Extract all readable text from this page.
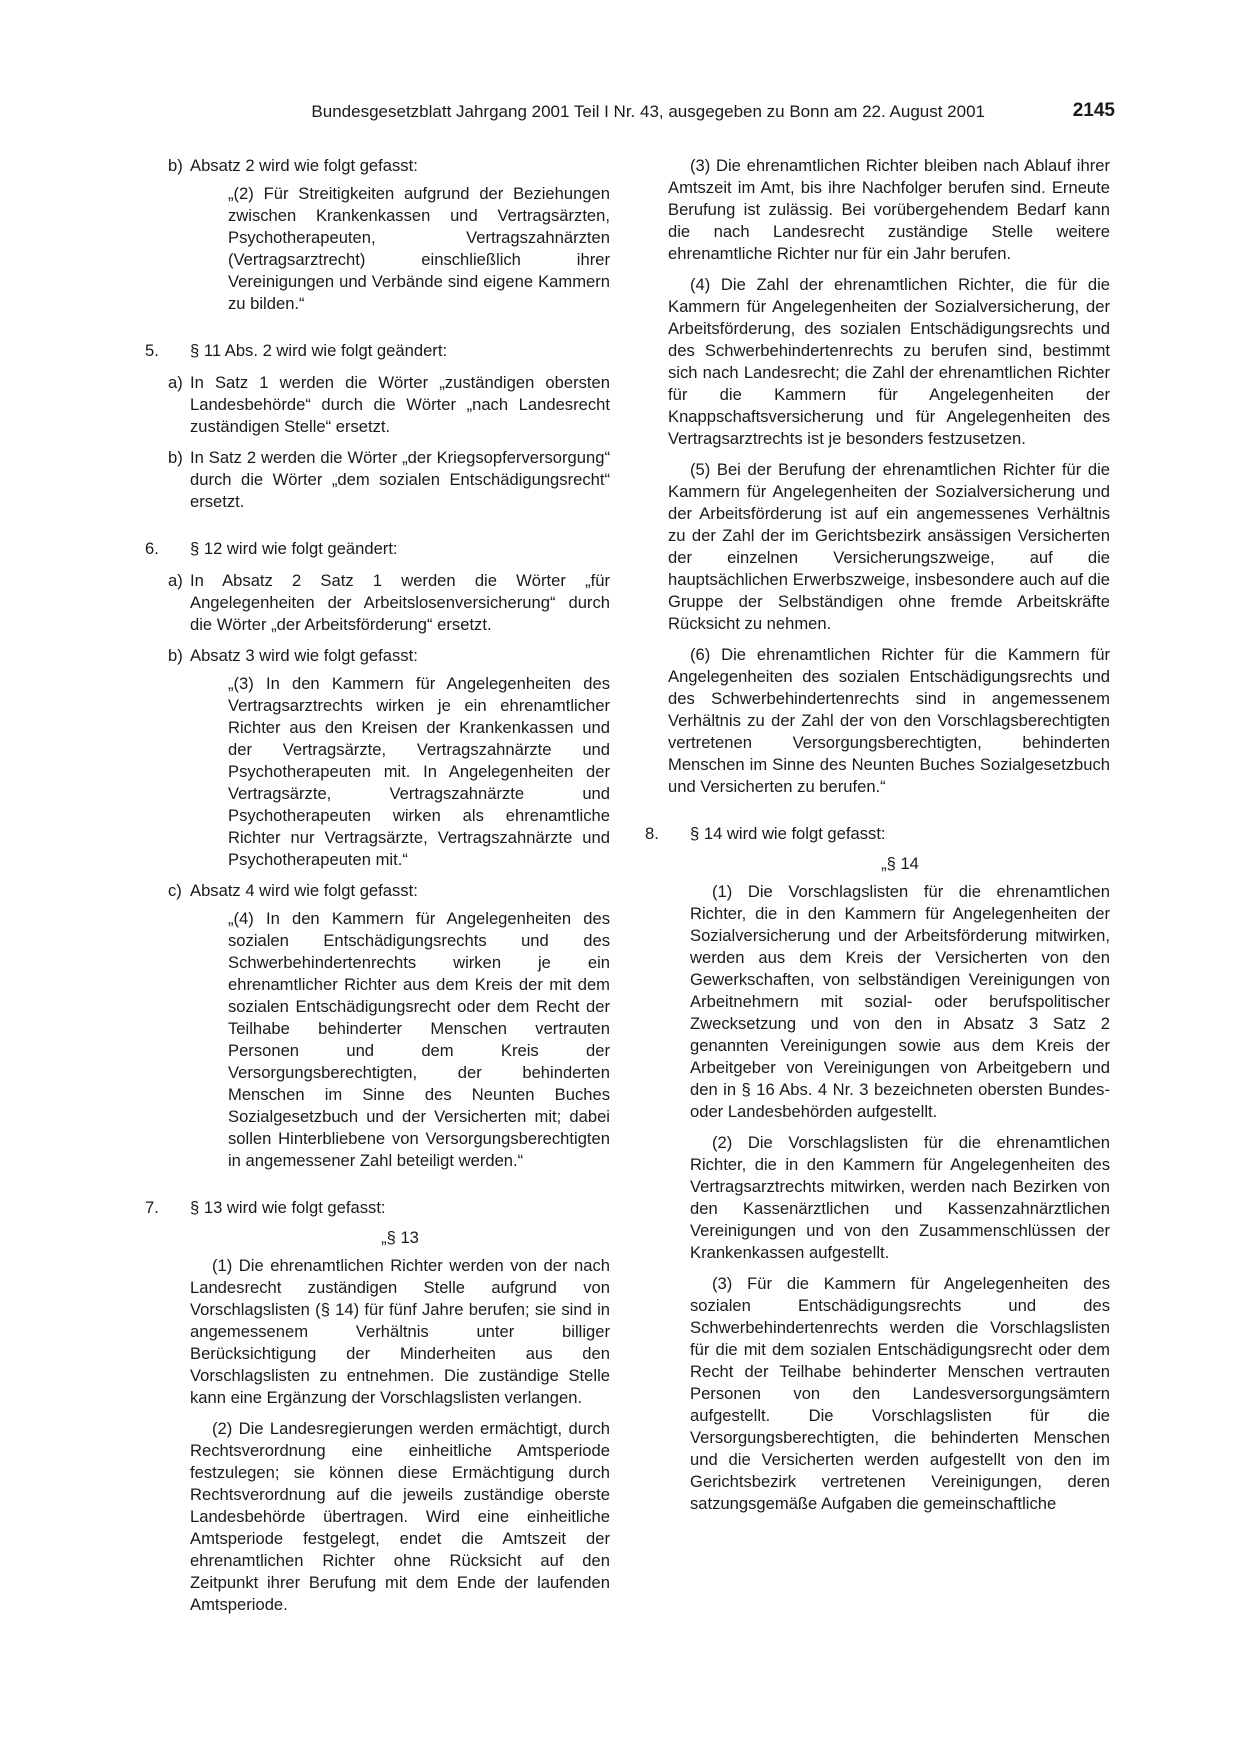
Bundesgesetzblatt Jahrgang 2001 Teil I Nr. 43, ausgegeben zu Bonn am 22. August 2001	2145
b) Absatz 2 wird wie folgt gefasst:

„(2) Für Streitigkeiten aufgrund der Beziehungen zwischen Krankenkassen und Vertragsärzten, Psychotherapeuten, Vertragszahnärzten (Vertragsarztrecht) einschließlich ihrer Vereinigungen und Verbände sind eigene Kammern zu bilden.“

5. § 11 Abs. 2 wird wie folgt geändert:

a) In Satz 1 werden die Wörter „zuständigen obersten Landesbehörde“ durch die Wörter „nach Landesrecht zuständigen Stelle“ ersetzt.

b) In Satz 2 werden die Wörter „der Kriegsopferversorgung“ durch die Wörter „dem sozialen Entschädigungsrecht“ ersetzt.

6. § 12 wird wie folgt geändert:

a) In Absatz 2 Satz 1 werden die Wörter „für Angelegenheiten der Arbeitslosenversicherung“ durch die Wörter „der Arbeitsförderung“ ersetzt.

b) Absatz 3 wird wie folgt gefasst:

„(3) In den Kammern für Angelegenheiten des Vertragsarztrechts wirken je ein ehrenamtlicher Richter aus den Kreisen der Krankenkassen und der Vertragsärzte, Vertragszahnärzte und Psychotherapeuten mit. In Angelegenheiten der Vertragsärzte, Vertragszahnärzte und Psychotherapeuten wirken als ehrenamtliche Richter nur Vertragsärzte, Vertragszahnärzte und Psychotherapeuten mit.“

c) Absatz 4 wird wie folgt gefasst:

„(4) In den Kammern für Angelegenheiten des sozialen Entschädigungsrechts und des Schwerbehindertenrechts wirken je ein ehrenamtlicher Richter aus dem Kreis der mit dem sozialen Entschädigungsrecht oder dem Recht der Teilhabe behinderter Menschen vertrauten Personen und dem Kreis der Versorgungsberechtigten, der behinderten Menschen im Sinne des Neunten Buches Sozialgesetzbuch und der Versicherten mit; dabei sollen Hinterbliebene von Versorgungsberechtigten in angemessener Zahl beteiligt werden.“

7. § 13 wird wie folgt gefasst:

„§ 13

(1) Die ehrenamtlichen Richter werden von der nach Landesrecht zuständigen Stelle aufgrund von Vorschlagslisten (§ 14) für fünf Jahre berufen; sie sind in angemessenem Verhältnis unter billiger Berücksichtigung der Minderheiten aus den Vorschlagslisten zu entnehmen. Die zuständige Stelle kann eine Ergänzung der Vorschlagslisten verlangen.

(2) Die Landesregierungen werden ermächtigt, durch Rechtsverordnung eine einheitliche Amtsperiode festzulegen; sie können diese Ermächtigung durch Rechtsverordnung auf die jeweils zuständige oberste Landesbehörde übertragen. Wird eine einheitliche Amtsperiode festgelegt, endet die Amtszeit der ehrenamtlichen Richter ohne Rücksicht auf den Zeitpunkt ihrer Berufung mit dem Ende der laufenden Amtsperiode.

(3) Die ehrenamtlichen Richter bleiben nach Ablauf ihrer Amtszeit im Amt, bis ihre Nachfolger berufen sind. Erneute Berufung ist zulässig. Bei vorübergehendem Bedarf kann die nach Landesrecht zuständige Stelle weitere ehrenamtliche Richter nur für ein Jahr berufen.

(4) Die Zahl der ehrenamtlichen Richter, die für die Kammern für Angelegenheiten der Sozialversicherung, der Arbeitsförderung, des sozialen Entschädigungsrechts und des Schwerbehindertenrechts zu berufen sind, bestimmt sich nach Landesrecht; die Zahl der ehrenamtlichen Richter für die Kammern für Angelegenheiten der Knappschaftsversicherung und für Angelegenheiten des Vertragsarztrechts ist je besonders festzusetzen.

(5) Bei der Berufung der ehrenamtlichen Richter für die Kammern für Angelegenheiten der Sozialversicherung und der Arbeitsförderung ist auf ein angemessenes Verhältnis zu der Zahl der im Gerichtsbezirk ansässigen Versicherten der einzelnen Versicherungszweige, auf die hauptsächlichen Erwerbszweige, insbesondere auch auf die Gruppe der Selbständigen ohne fremde Arbeitskräfte Rücksicht zu nehmen.

(6) Die ehrenamtlichen Richter für die Kammern für Angelegenheiten des sozialen Entschädigungsrechts und des Schwerbehindertenrechts sind in angemessenem Verhältnis zu der Zahl der von den Vorschlagsberechtigten vertretenen Versorgungsberechtigten, behinderten Menschen im Sinne des Neunten Buches Sozialgesetzbuch und Versicherten zu berufen.“

8. § 14 wird wie folgt gefasst:

„§ 14

(1) Die Vorschlagslisten für die ehrenamtlichen Richter, die in den Kammern für Angelegenheiten der Sozialversicherung und der Arbeitsförderung mitwirken, werden aus dem Kreis der Versicherten von den Gewerkschaften, von selbständigen Vereinigungen von Arbeitnehmern mit sozial- oder berufspolitischer Zwecksetzung und von den in Absatz 3 Satz 2 genannten Vereinigungen sowie aus dem Kreis der Arbeitgeber von Vereinigungen von Arbeitgebern und den in § 16 Abs. 4 Nr. 3 bezeichneten obersten Bundes- oder Landesbehörden aufgestellt.

(2) Die Vorschlagslisten für die ehrenamtlichen Richter, die in den Kammern für Angelegenheiten des Vertragsarztrechts mitwirken, werden nach Bezirken von den Kassenärztlichen und Kassenzahnärztlichen Vereinigungen und von den Zusammenschlüssen der Krankenkassen aufgestellt.

(3) Für die Kammern für Angelegenheiten des sozialen Entschädigungsrechts und des Schwerbehindertenrechts werden die Vorschlagslisten für die mit dem sozialen Entschädigungsrecht oder dem Recht der Teilhabe behinderter Menschen vertrauten Personen von den Landesversorgungsämtern aufgestellt. Die Vorschlagslisten für die Versorgungsberechtigten, die behinderten Menschen und die Versicherten werden aufgestellt von den im Gerichtsbezirk vertretenen Vereinigungen, deren satzungsgemäße Aufgaben die gemeinschaftliche
